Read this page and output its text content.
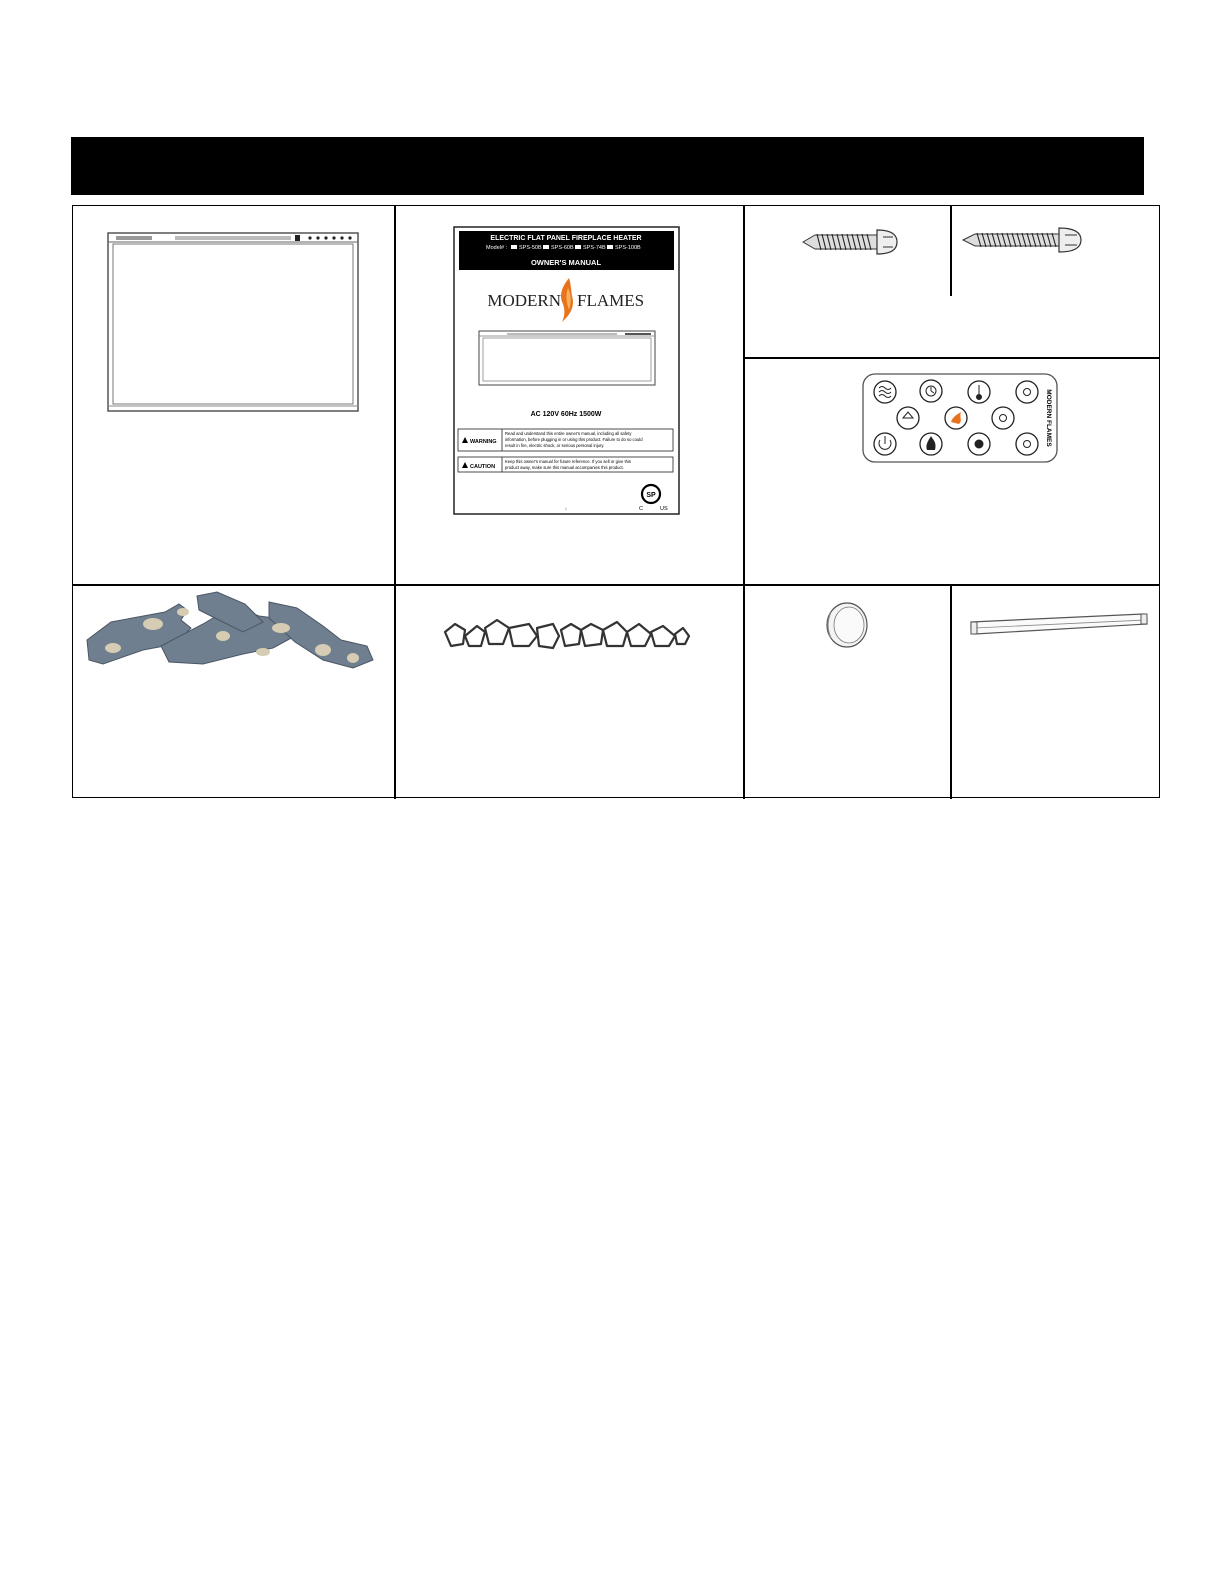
ELECTRIC FLAT PANEL FIREPLACE HEATER
Model# : SPS-50B SPS-60B SPS-74B SPS-100B
OWNER'S MANUAL
MODERN FLAMES
AC 120V 60Hz 1500W
WARNING
Read and understand this entire owner's manual, including all safety
information, before plugging in or using this product. Failure to do so could
result in fire, electric shock, or serious personal injury.
CAUTION
Keep this owner's manual for future reference. If you sell or give this
product away, make sure this manual accompanies this product.
SP
C	US
1
MODERN FLAMES
